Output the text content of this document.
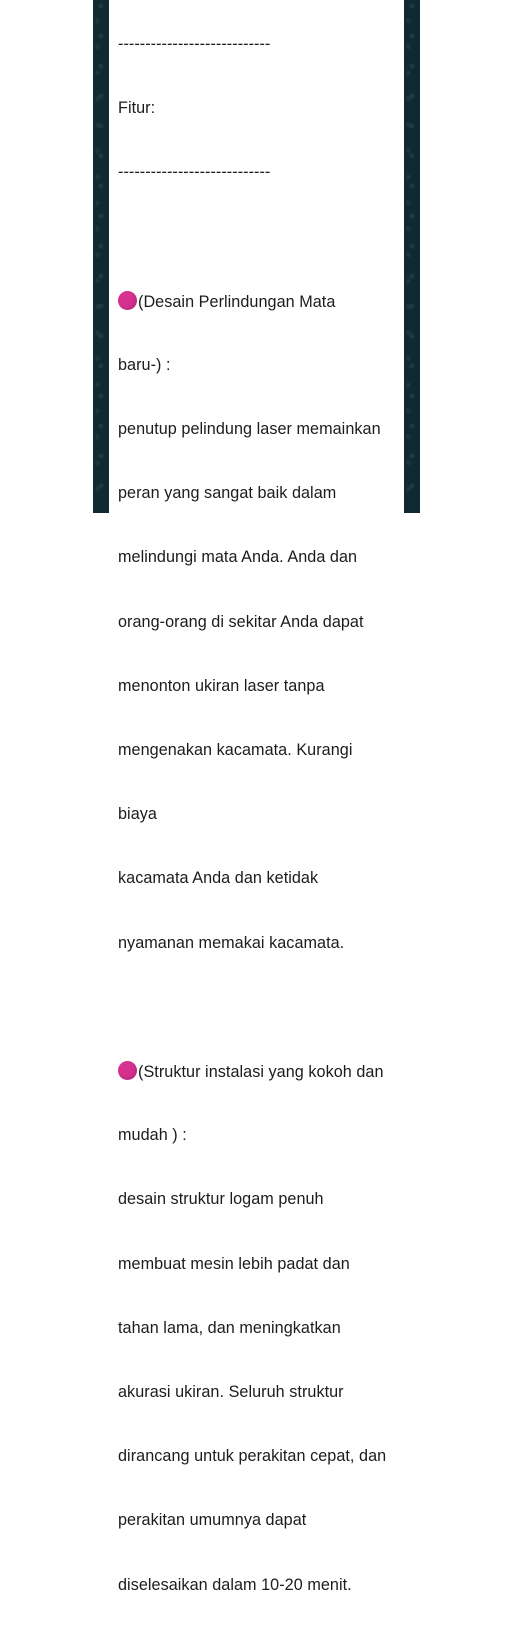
----------------------------

Fitur:

----------------------------

(Desain Perlindungan Mata

baru-) :

penutup pelindung laser memainkan

peran yang sangat baik dalam

melindungi mata Anda. Anda dan

orang-orang di sekitar Anda dapat

menonton ukiran laser tanpa

mengenakan kacamata. Kurangi

biaya

kacamata Anda dan ketidak

nyamanan memakai kacamata.

(Struktur instalasi yang kokoh dan

mudah ) :

desain struktur logam penuh

membuat mesin lebih padat dan

tahan lama, dan meningkatkan

akurasi ukiran. Seluruh struktur

dirancang untuk perakitan cepat, dan

perakitan umumnya dapat

diselesaikan dalam 10-20 menit.
